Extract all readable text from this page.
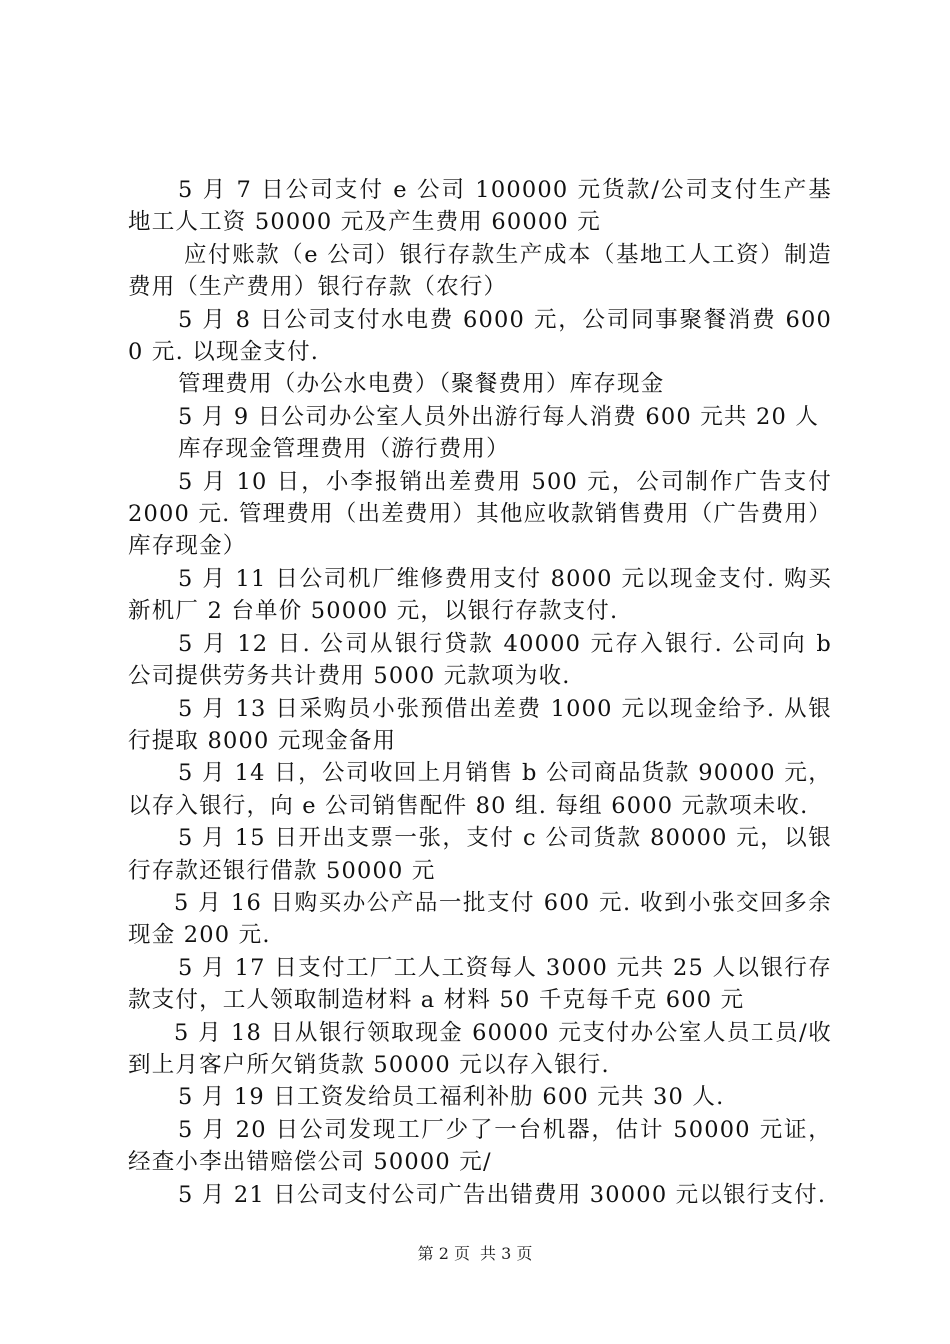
5 月 7 日公司支付 e 公司 100000 元货款/公司支付生产基地工人工资 50000 元及产生费用 60000 元

应付账款（e 公司）银行存款生产成本（基地工人工资）制造费用（生产费用）银行存款（农行）

5 月 8 日公司支付水电费 6000 元，公司同事聚餐消费 6000 元. 以现金支付.

管理费用（办公水电费）（聚餐费用）库存现金

5 月 9 日公司办公室人员外出游行每人消费 600 元共 20 人

库存现金管理费用（游行费用）

5 月 10 日，小李报销出差费用 500 元，公司制作广告支付 2000 元. 管理费用（出差费用）其他应收款销售费用（广告费用）库存现金）

5 月 11 日公司机厂维修费用支付 8000 元以现金支付. 购买新机厂 2 台单价 50000 元，以银行存款支付.

5 月 12 日. 公司从银行贷款 40000 元存入银行. 公司向 b 公司提供劳务共计费用 5000 元款项为收.

5 月 13 日采购员小张预借出差费 1000 元以现金给予. 从银行提取 8000 元现金备用

5 月 14 日，公司收回上月销售 b 公司商品货款 90000 元，以存入银行，向 e 公司销售配件 80 组. 每组 6000 元款项未收.

5 月 15 日开出支票一张，支付 c 公司货款 80000 元，以银行存款还银行借款 50000 元

5 月 16 日购买办公产品一批支付 600 元. 收到小张交回多余现金 200 元.

5 月 17 日支付工厂工人工资每人 3000 元共 25 人以银行存款支付，工人领取制造材料 a 材料 50 千克每千克 600 元

5 月 18 日从银行领取现金 60000 元支付办公室人员工员/收到上月客户所欠销货款 50000 元以存入银行.

5 月 19 日工资发给员工福利补肋 600 元共 30 人.

5 月 20 日公司发现工厂少了一台机器，估计 50000 元证，经查小李出错赔偿公司 50000 元/

5 月 21 日公司支付公司广告出错费用 30000 元以银行支付.

第 2 页 共 3 页
